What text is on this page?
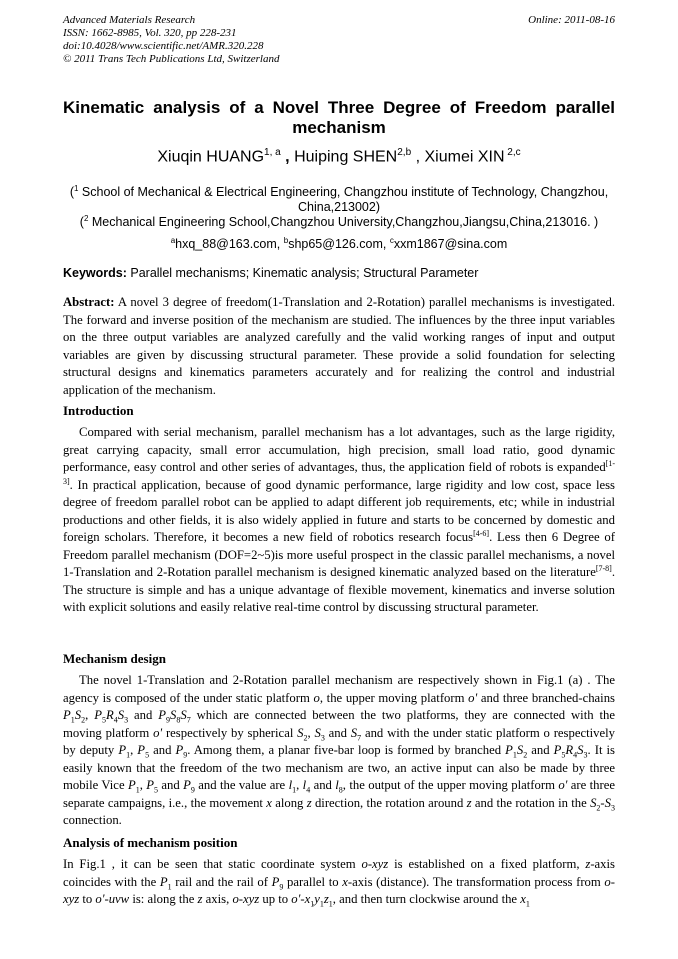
Advanced Materials Research
ISSN: 1662-8985, Vol. 320, pp 228-231
doi:10.4028/www.scientific.net/AMR.320.228
© 2011 Trans Tech Publications Ltd, Switzerland
Online: 2011-08-16
Kinematic analysis of a Novel Three Degree of Freedom parallel
mechanism
Xiuqin HUANG$^{1, a}$ , Huiping SHEN$^{2,b}$ , Xiumei XIN $^{2,c}$
($^1$ School of Mechanical & Electrical Engineering, Changzhou institute of Technology, Changzhou, China,213002)
($^2$ Mechanical Engineering School,Changzhou University,Changzhou,Jiangsu,China,213016. )
$^a$hxq_88@163.com, $^b$shp65@126.com, $^c$xxm1867@sina.com
Keywords: Parallel mechanisms; Kinematic analysis; Structural Parameter

Abstract: A novel 3 degree of freedom(1-Translation and 2-Rotation) parallel mechanisms is investigated. The forward and inverse position of the mechanism are studied. The influences by the three input variables on the three output variables are analyzed carefully and the valid working ranges of input and output variables are given by discussing structural parameter. These provide a solid foundation for selecting structural designs and kinematics parameters accurately and for realizing the control and industrial application of the mechanism.

Introduction

Compared with serial mechanism, parallel mechanism has a lot advantages, such as the large rigidity, great carrying capacity, small error accumulation, high precision, small load ratio, good dynamic performance, easy control and other series of advantages, thus, the application field of robots is expanded[1-3]. In practical application, because of good dynamic performance, large rigidity and low cost, space less degree of freedom parallel robot can be applied to adapt different job requirements, etc; while in industrial productions and other fields, it is also widely applied in future and starts to be concerned by domestic and foreign scholars. Therefore, it becomes a new field of robotics research focus[4-6]. Less then 6 Degree of Freedom parallel mechanism (DOF=2~5)is more useful prospect in the classic parallel mechanisms, a novel 1-Translation and 2-Rotation parallel mechanism is designed kinematic analyzed based on the literature[7-8]. The structure is simple and has a unique advantage of flexible movement, kinematics and inverse solution with explicit solutions and easily relative real-time control by discussing structural parameter.

Mechanism design

The novel 1-Translation and 2-Rotation parallel mechanism are respectively shown in Fig.1 (a) . The agency is composed of the under static platform o, the upper moving platform o' and three branched-chains $P_1S_2$, $P_5R_4S_3$ and $P_9S_8S_7$ which are connected between the two platforms, they are connected with the moving platform o' respectively by spherical $S_2$, $S_3$ and $S_7$ and with the under static platform o respectively by deputy $P_1$, $P_5$ and $P_9$. Among them, a planar five-bar loop is formed by branched $P_1S_2$ and $P_5R_4S_3$. It is easily known that the freedom of the two mechanism are two, an active input can also be made by three mobile Vice $P_1$, $P_5$ and $P_9$ and the value are $l_1$, $l_4$ and $l_8$, the output of the upper moving platform o' are three separate campaigns, i.e., the movement x along z direction, the rotation around z and the rotation in the $S_2-S_3$ connection.

Analysis of mechanism position

In Fig.1 , it can be seen that static coordinate system o-xyz is established on a fixed platform, z-axis coincides with the $P_1$ rail and the rail of $P_9$ parallel to x-axis (distance). The transformation process from o-xyz to o'-uvw is: along the z axis, o-xyz up to $o'-x_1y_1z_1$, and then turn clockwise around the $x_1$
